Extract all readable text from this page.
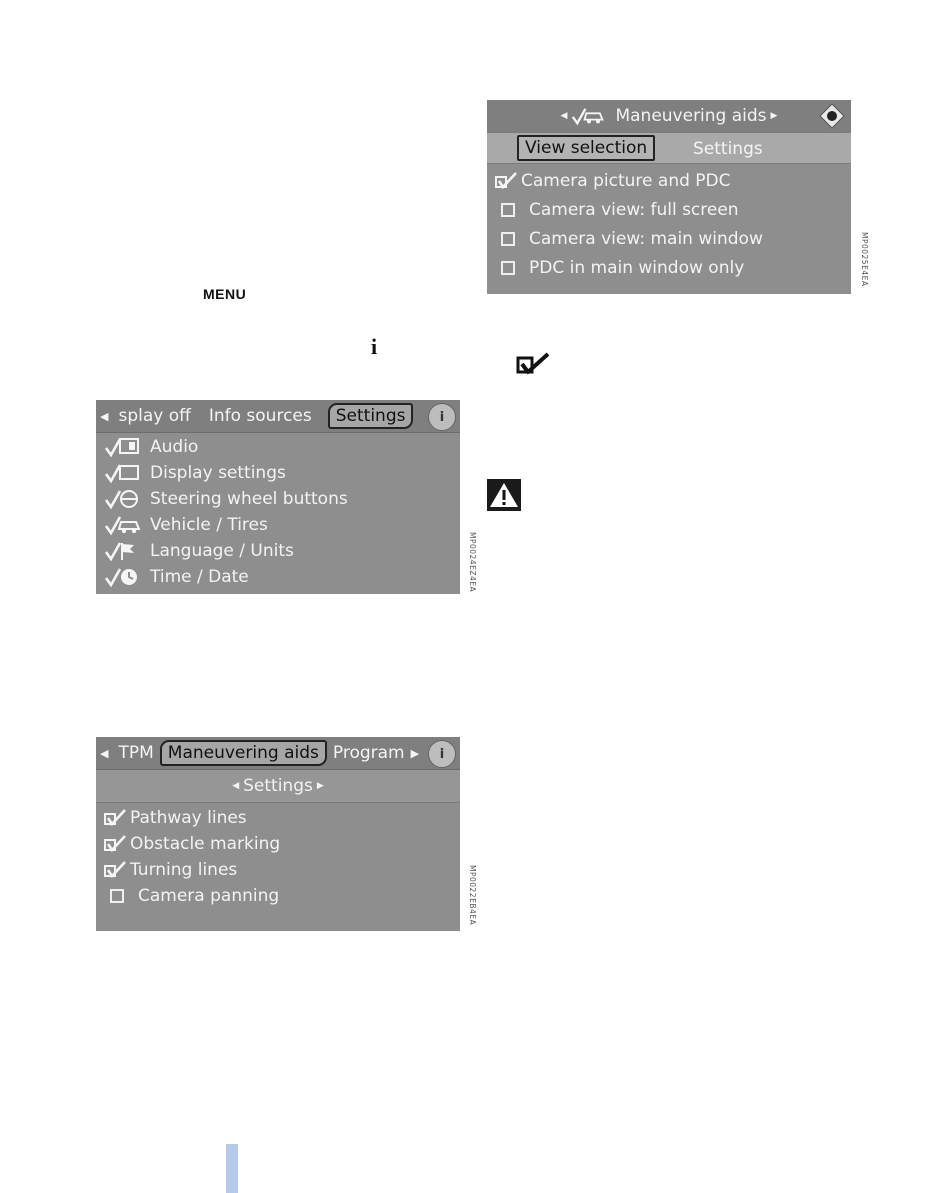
MENU
i
◀ splay off	Info sources	Settings	i
Audio
Display settings
Steering wheel buttons
Vehicle / Tires
Language / Units
Time / Date	MP0024EZ4EA
◀ TPM Maneuvering aids Program ▶	i
◀ Settings ▶
Pathway lines
Obstacle marking
Turning lines
Camera panning	MP0022EB4EA
◀	Maneuvering aids ▶
View selection	Settings
Camera picture and PDC
Camera view: full screen
Camera view: main window
PDC in main window only	MP0025E4EA
